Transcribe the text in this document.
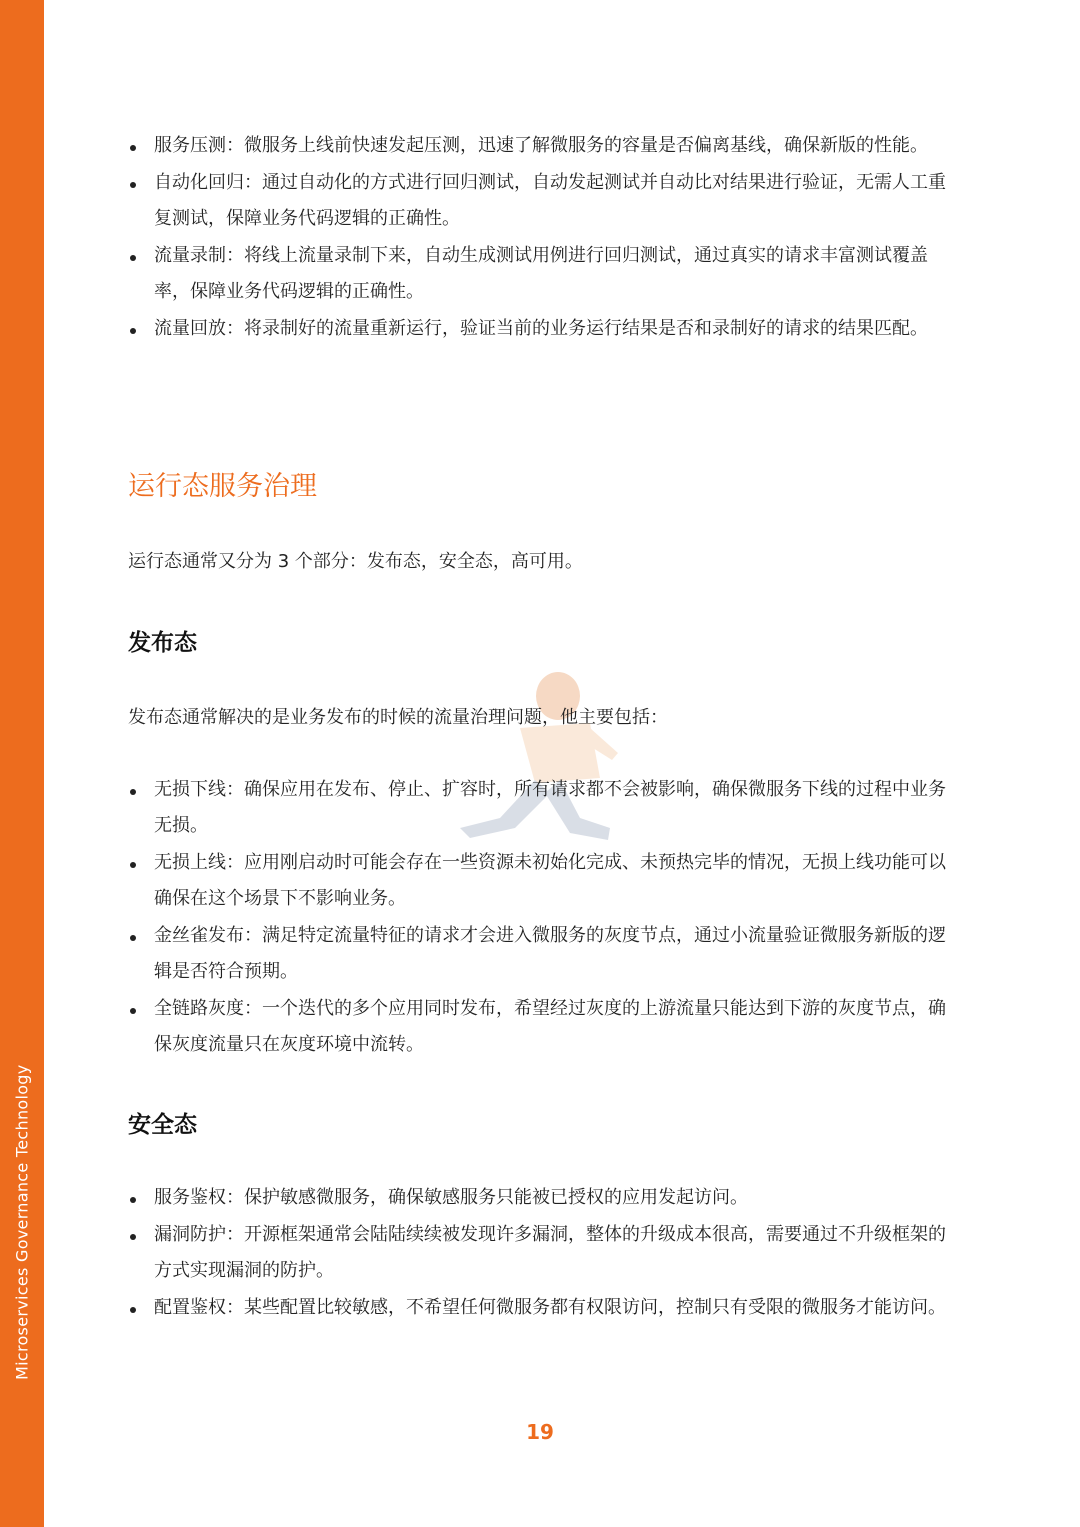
Microservices Governance Technology
服务压测：微服务上线前快速发起压测，迅速了解微服务的容量是否偏离基线，确保新版的性能。
自动化回归：通过自动化的方式进行回归测试，自动发起测试并自动比对结果进行验证，无需人工重复测试，保障业务代码逻辑的正确性。
流量录制：将线上流量录制下来，自动生成测试用例进行回归测试，通过真实的请求丰富测试覆盖率，保障业务代码逻辑的正确性。
流量回放：将录制好的流量重新运行，验证当前的业务运行结果是否和录制好的请求的结果匹配。
运行态服务治理

运行态通常又分为 3 个部分：发布态，安全态，高可用。

发布态

发布态通常解决的是业务发布的时候的流量治理问题，他主要包括：

无损下线：确保应用在发布、停止、扩容时，所有请求都不会被影响，确保微服务下线的过程中业务无损。
无损上线：应用刚启动时可能会存在一些资源未初始化完成、未预热完毕的情况，无损上线功能可以确保在这个场景下不影响业务。
金丝雀发布：满足特定流量特征的请求才会进入微服务的灰度节点，通过小流量验证微服务新版的逻辑是否符合预期。
全链路灰度：一个迭代的多个应用同时发布，希望经过灰度的上游流量只能达到下游的灰度节点，确保灰度流量只在灰度环境中流转。
安全态
服务鉴权：保护敏感微服务，确保敏感服务只能被已授权的应用发起访问。
漏洞防护：开源框架通常会陆陆续续被发现许多漏洞，整体的升级成本很高，需要通过不升级框架的方式实现漏洞的防护。
配置鉴权：某些配置比较敏感，不希望任何微服务都有权限访问，控制只有受限的微服务才能访问。
19
